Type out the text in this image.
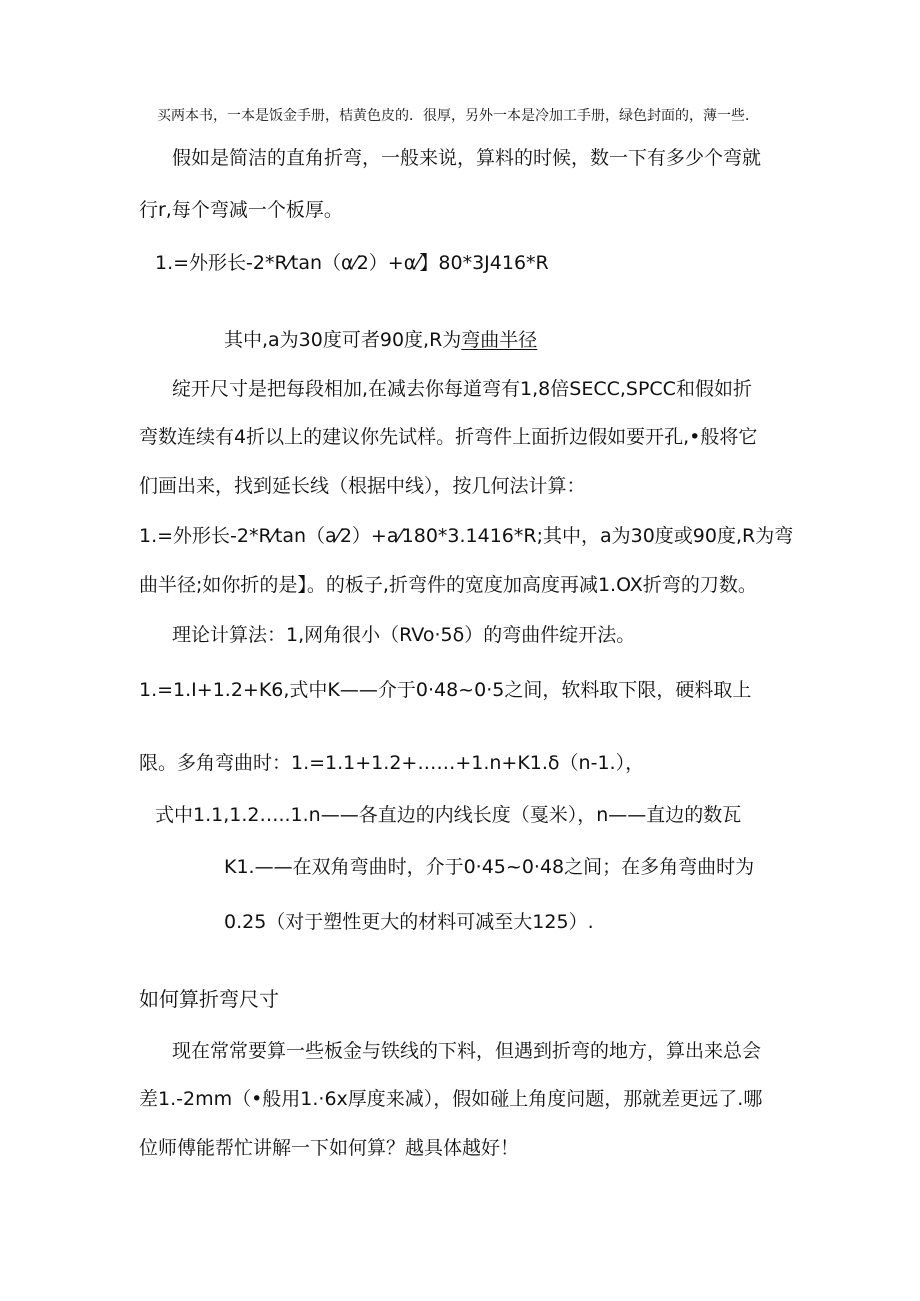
买两本书，一本是饭金手册，桔黄色皮的．很厚，另外一本是冷加工手册，绿色封面的，薄一些．
假如是简洁的直角折弯，一般来说，算料的时候，数一下有多少个弯就
行r,每个弯减一个板厚。
1.=外形长-2*R⁄tan（α⁄2）+α⁄】80*3J416*R
其中,a为30度可者90度,R为弯曲半径
绽开尺寸是把每段相加,在减去你每道弯有1,8倍SECC,SPCC和假如折
弯数连续有4折以上的建议你先试样。折弯件上面折边假如要开孔,•般将它
们画出来，找到延长线（根据中线），按几何法计算：
1.=外形长-2*R⁄tan（a⁄2）+a⁄180*3.1416*R;其中，a为30度或90度,R为弯
曲半径;如你折的是】。的板子,折弯件的宽度加高度再减1.OX折弯的刀数。
理论计算法：1,网角很小（RVo·5δ）的弯曲件绽开法。
1.=1.I+1.2+K6,式中K——介于0·48~0·5之间，软料取下限，硬料取上
限。多角弯曲时：1.=1.1+1.2+……+1.n+K1.δ（n-1.），
式中1.1,1.2…..1.n——各直边的内线长度（戛米），n——直边的数瓦
K1.——在双角弯曲时，介于0·45~0·48之间；在多角弯曲时为
0.25（对于塑性更大的材料可减至大125）.
如何算折弯尺寸
现在常常要算一些板金与铁线的下料，但遇到折弯的地方，算出来总会
差1.-2mm（•般用1.·6x厚度来减），假如碰上角度问题，那就差更远了.哪
位师傅能帮忙讲解一下如何算？越具体越好！
